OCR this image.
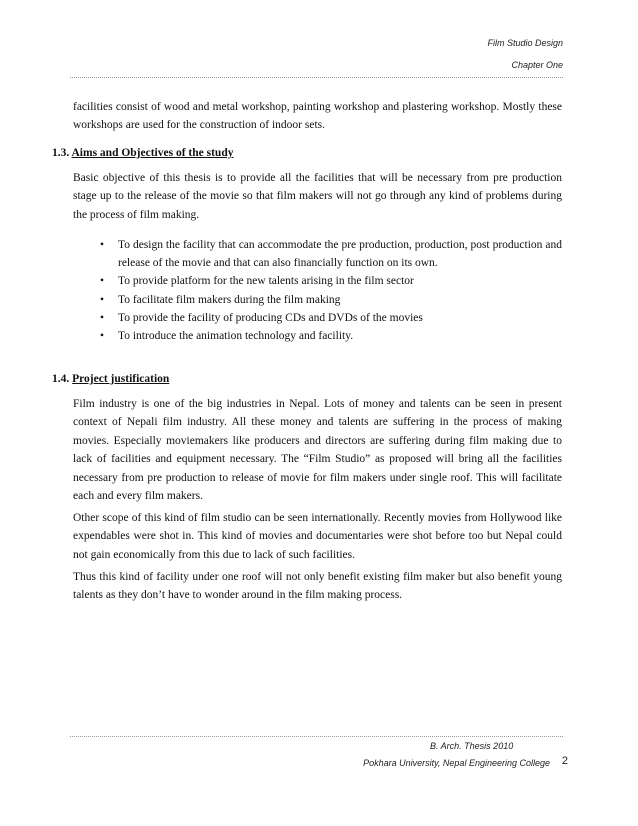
Film Studio Design
Chapter One

facilities consist of wood and metal workshop, painting workshop and plastering workshop. Mostly these workshops are used for the construction of indoor sets.

1.3. Aims and Objectives of the study

Basic objective of this thesis is to provide all the facilities that will be necessary from pre production stage up to the release of the movie so that film makers will not go through any kind of problems during the process of film making.

• To design the facility that can accommodate the pre production, production, post production and release of the movie and that can also financially function on its own.
• To provide platform for the new talents arising in the film sector
• To facilitate film makers during the film making
• To provide the facility of producing CDs and DVDs of the movies
• To introduce the animation technology and facility.
1.4. Project justification

Film industry is one of the big industries in Nepal. Lots of money and talents can be seen in present context of Nepali film industry. All these money and talents are suffering in the process of making movies. Especially moviemakers like producers and directors are suffering during film making due to lack of facilities and equipment necessary. The “Film Studio” as proposed will bring all the facilities necessary from pre production to release of movie for film makers under single roof. This will facilitate each and every film makers.

Other scope of this kind of film studio can be seen internationally. Recently movies from Hollywood like expendables were shot in. This kind of movies and documentaries were shot before too but Nepal could not gain economically from this due to lack of such facilities.

Thus this kind of facility under one roof will not only benefit existing film maker but also benefit young talents as they don’t have to wonder around in the film making process.

B. Arch. Thesis 2010
Pokhara University, Nepal Engineering College 2
